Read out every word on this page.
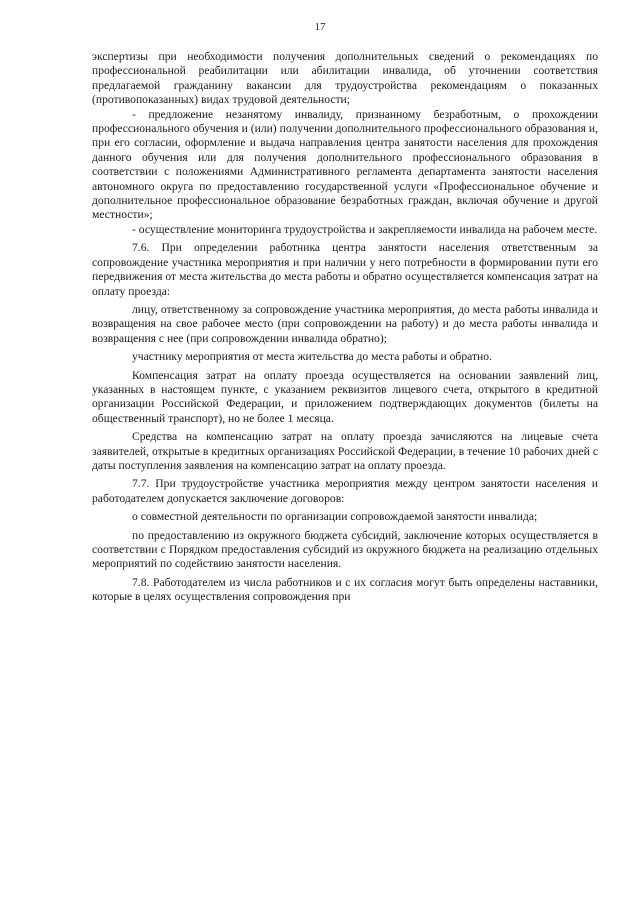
17

экспертизы при необходимости получения дополнительных сведений о рекомендациях по профессиональной реабилитации или абилитации инвалида, об уточнении соответствия предлагаемой гражданину вакансии для трудоустройства рекомендациям о показанных (противопоказанных) видах трудовой деятельности;

- предложение незанятому инвалиду, признанному безработным, о прохождении профессионального обучения и (или) получении дополнительного профессионального образования и, при его согласии, оформление и выдача направления центра занятости населения для прохождения данного обучения или для получения дополнительного профессионального образования в соответствии с положениями Административного регламента департамента занятости населения автономного округа по предоставлению государственной услуги «Профессиональное обучение и дополнительное профессиональное образование безработных граждан, включая обучение и другой местности»;

- осуществление мониторинга трудоустройства и закрепляемости инвалида на рабочем месте.

7.6. При определении работника центра занятости населения ответственным за сопровождение участника мероприятия и при наличии у него потребности в формировании пути его передвижения от места жительства до места работы и обратно осуществляется компенсация затрат на оплату проезда:

лицу, ответственному за сопровождение участника мероприятия, до места работы инвалида и возвращения на свое рабочее место (при сопровождении на работу) и до места работы инвалида и возвращения с нее (при сопровождении инвалида обратно);

участнику мероприятия от места жительства до места работы и обратно.

Компенсация затрат на оплату проезда осуществляется на основании заявлений лиц, указанных в настоящем пункте, с указанием реквизитов лицевого счета, открытого в кредитной организации Российской Федерации, и приложением подтверждающих документов (билеты на общественный транспорт), но не более 1 месяца.

Средства на компенсацию затрат на оплату проезда зачисляются на лицевые счета заявителей, открытые в кредитных организациях Российской Федерации, в течение 10 рабочих дней с даты поступления заявления на компенсацию затрат на оплату проезда.

7.7. При трудоустройстве участника мероприятия между центром занятости населения и работодателем допускается заключение договоров:

о совместной деятельности по организации сопровождаемой занятости инвалида;

по предоставлению из окружного бюджета субсидий, заключение которых осуществляется в соответствии с Порядком предоставления субсидий из окружного бюджета на реализацию отдельных мероприятий по содействию занятости населения.

7.8. Работодателем из числа работников и с их согласия могут быть определены наставники, которые в целях осуществления сопровождения при
